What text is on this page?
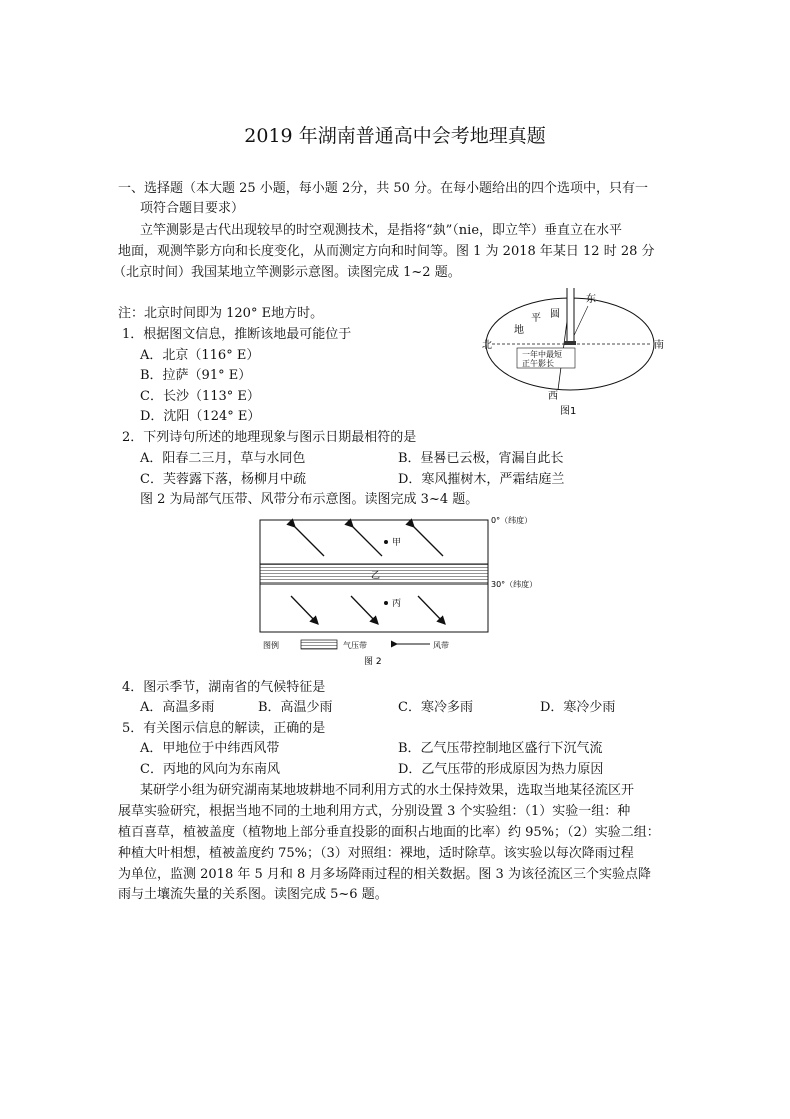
2019 年湖南普通高中会考地理真题
一、选择题（本大题 25 小题，每小题 2分，共 50 分。在每小题给出的四个选项中，只有一
项符合题目要求）
立竿测影是古代出现较早的时空观测技术，是指将“埶”（nie，即立竿）垂直立在水平
地面，观测竿影方向和长度变化，从而测定方向和时间等。图 1 为 2018 年某日 12 时 28 分
（北京时间）我国某地立竿测影示意图。读图完成 1~2 题。
注：北京时间即为 120° E地方时。
1．根据图文信息，推断该地最可能位于
A．北京（116° E）
B．拉萨（91° E）
C．长沙（113° E）
D．沈阳（124° E）
2．下列诗句所述的地理现象与图示日期最相符的是
A．阳春二三月，草与水同色	B．昼晷已云极，宵漏自此长
C．芙蓉露下落，杨柳月中疏	D．寒风摧树木，严霜结庭兰
图 2 为局部气压带、风带分布示意图。读图完成 3~4 题。
东
西
南
北
平
地
圆
一年中最短
正午影长
图1
甲
乙
丙
0°（纬度）
30°（纬度）
图例	气压带	风带
图 2
4．图示季节，湖南省的气候特征是
A．高温多雨	B．高温少雨	C．寒冷多雨	D．寒冷少雨
5．有关图示信息的解读，正确的是
A．甲地位于中纬西风带	B．乙气压带控制地区盛行下沉气流
C．丙地的风向为东南风	D．乙气压带的形成原因为热力原因
某研学小组为研究湖南某地坡耕地不同利用方式的水土保持效果，选取当地某径流区开
展草实验研究，根据当地不同的土地利用方式，分别设置 3 个实验组：（1）实验一组：种
植百喜草，植被盖度（植物地上部分垂直投影的面积占地面的比率）约 95%；（2）实验二组：
种植大叶相想，植被盖度约 75%；（3）对照组：裸地，适时除草。该实验以每次降雨过程
为单位，监测 2018 年 5 月和 8 月多场降雨过程的相关数据。图 3 为该径流区三个实验点降
雨与土壤流失量的关系图。读图完成 5~6 题。
